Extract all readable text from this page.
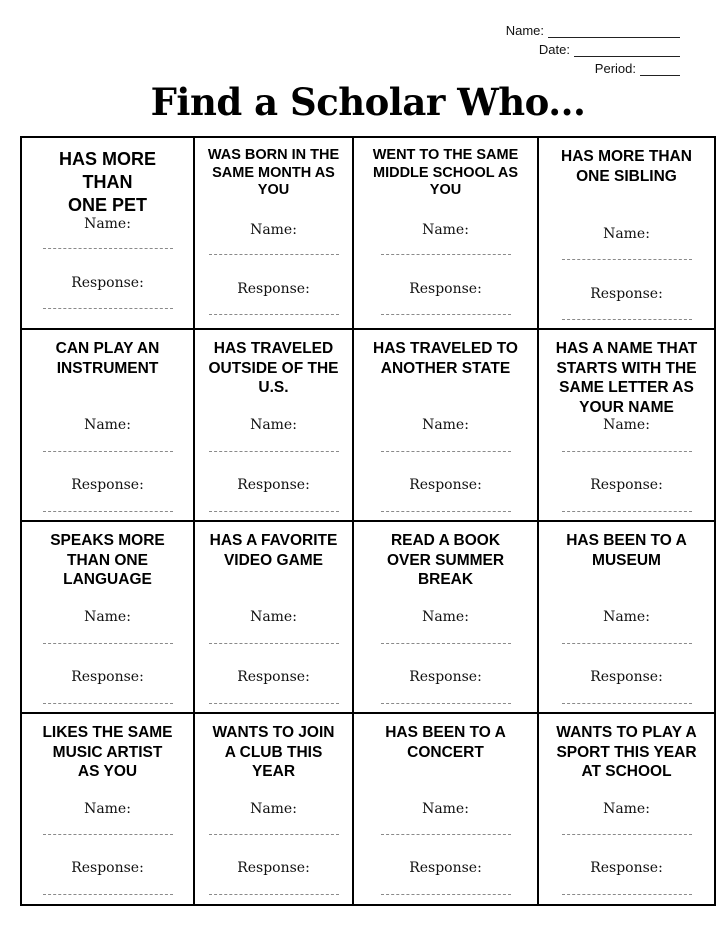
Name:
Date:
Period:
Find a Scholar Who...
HAS MORE
THAN
ONE PET
Name:
Response:
WAS BORN IN THE
SAME MONTH AS
YOU
Name:
Response:
WENT TO THE SAME
MIDDLE SCHOOL AS
YOU
Name:
Response:
HAS MORE THAN
ONE SIBLING
Name:
Response:
CAN PLAY AN
INSTRUMENT
Name:
Response:
HAS TRAVELED
OUTSIDE OF THE
U.S.
Name:
Response:
HAS TRAVELED TO
ANOTHER STATE
Name:
Response:
HAS A NAME THAT
STARTS WITH THE
SAME LETTER AS
YOUR NAME
Name:
Response:
SPEAKS MORE
THAN ONE
LANGUAGE
Name:
Response:
HAS A FAVORITE
VIDEO GAME
Name:
Response:
READ A BOOK
OVER SUMMER
BREAK
Name:
Response:
HAS BEEN TO A
MUSEUM
Name:
Response:
LIKES THE SAME
MUSIC ARTIST
AS YOU
Name:
Response:
WANTS TO JOIN
A CLUB THIS
YEAR
Name:
Response:
HAS BEEN TO A
CONCERT
Name:
Response:
WANTS TO PLAY A
SPORT THIS YEAR
AT SCHOOL
Name:
Response:
